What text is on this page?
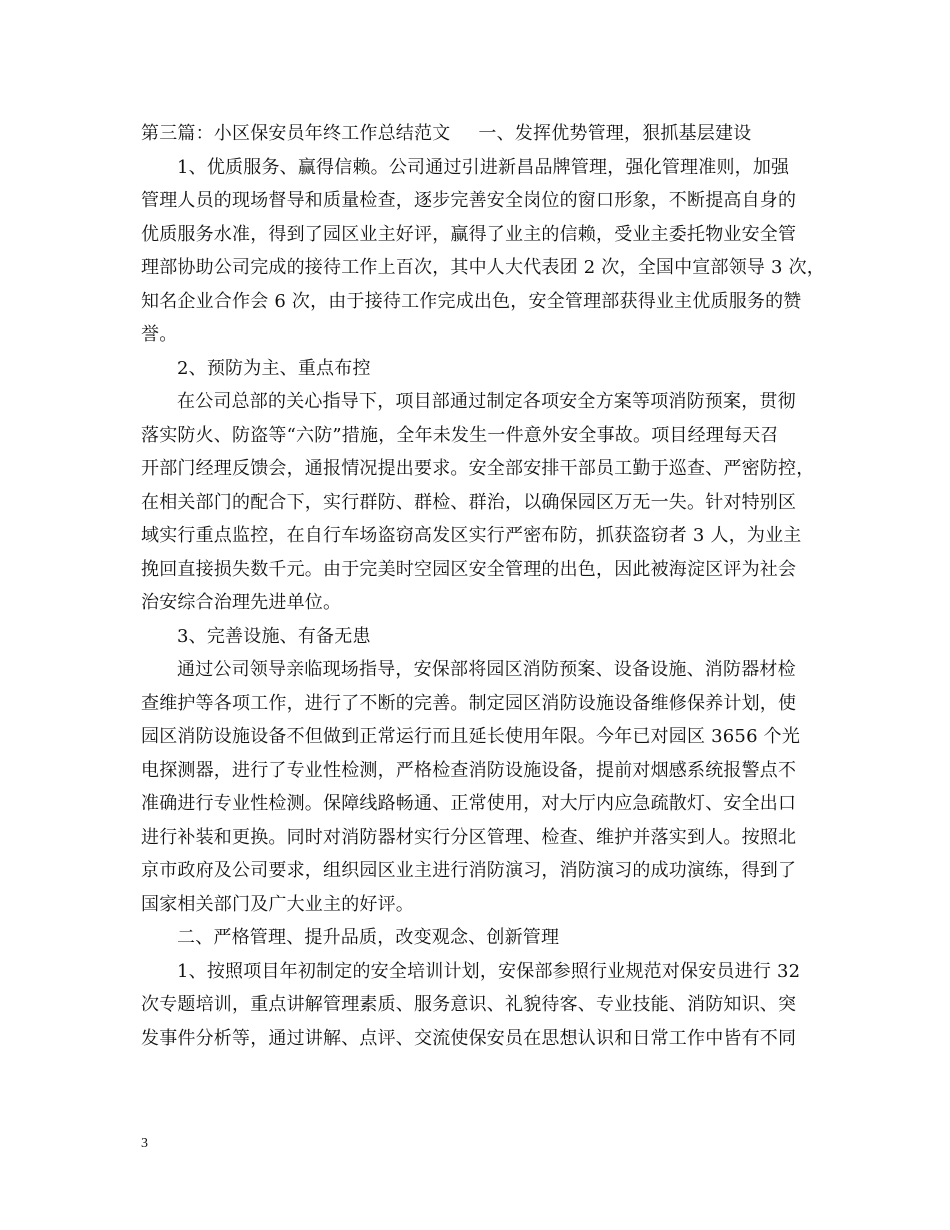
第三篇：小区保安员年终工作总结范文 一、发挥优势管理，狠抓基层建设
1、优质服务、赢得信赖。公司通过引进新昌品牌管理，强化管理准则，加强
管理人员的现场督导和质量检查，逐步完善安全岗位的窗口形象，不断提高自身的
优质服务水准，得到了园区业主好评，赢得了业主的信赖，受业主委托物业安全管
理部协助公司完成的接待工作上百次，其中人大代表团 2 次，全国中宣部领导 3 次，
知名企业合作会 6 次，由于接待工作完成出色，安全管理部获得业主优质服务的赞
誉。
2、预防为主、重点布控
在公司总部的关心指导下，项目部通过制定各项安全方案等项消防预案，贯彻
落实防火、防盗等“六防”措施，全年未发生一件意外安全事故。项目经理每天召
开部门经理反馈会，通报情况提出要求。安全部安排干部员工勤于巡查、严密防控，
在相关部门的配合下，实行群防、群检、群治，以确保园区万无一失。针对特别区
域实行重点监控，在自行车场盗窃高发区实行严密布防，抓获盗窃者 3 人，为业主
挽回直接损失数千元。由于完美时空园区安全管理的出色，因此被海淀区评为社会
治安综合治理先进单位。
3、完善设施、有备无患
通过公司领导亲临现场指导，安保部将园区消防预案、设备设施、消防器材检
查维护等各项工作，进行了不断的完善。制定园区消防设施设备维修保养计划，使
园区消防设施设备不但做到正常运行而且延长使用年限。今年已对园区 3656 个光
电探测器，进行了专业性检测，严格检查消防设施设备，提前对烟感系统报警点不
准确进行专业性检测。保障线路畅通、正常使用，对大厅内应急疏散灯、安全出口
进行补装和更换。同时对消防器材实行分区管理、检查、维护并落实到人。按照北
京市政府及公司要求，组织园区业主进行消防演习，消防演习的成功演练，得到了
国家相关部门及广大业主的好评。
二、严格管理、提升品质，改变观念、创新管理
1、按照项目年初制定的安全培训计划，安保部参照行业规范对保安员进行 32
次专题培训，重点讲解管理素质、服务意识、礼貌待客、专业技能、消防知识、突
发事件分析等，通过讲解、点评、交流使保安员在思想认识和日常工作中皆有不同
3
